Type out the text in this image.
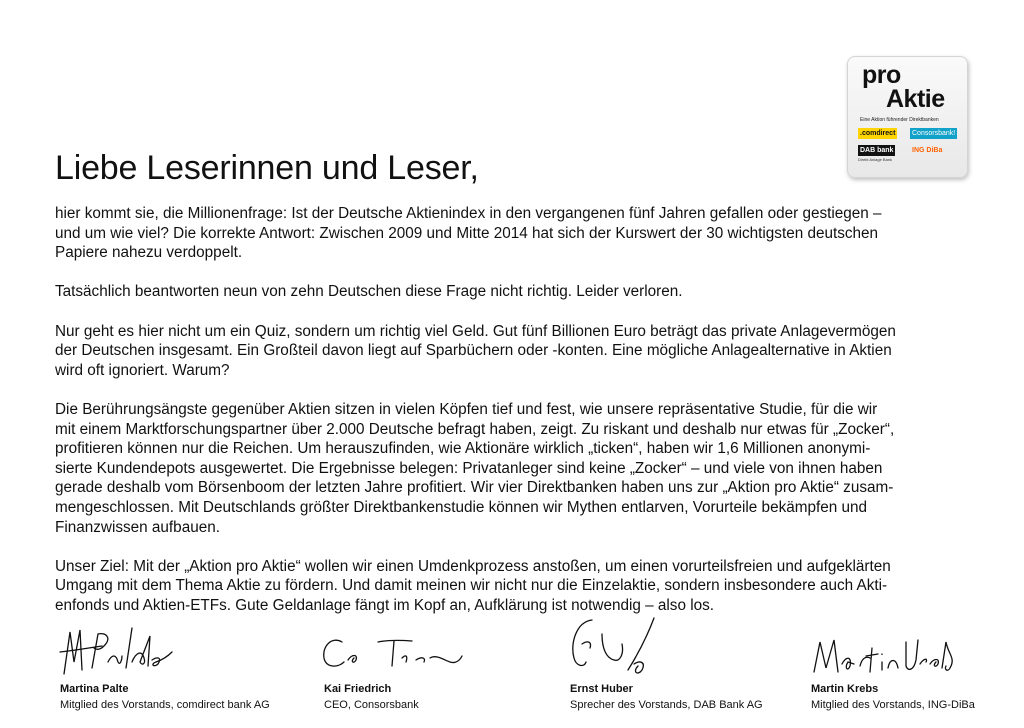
pro
Aktie
Eine Aktion führender Direktbanken
.comdirect Consorsbank!
DAB bank
Direkt Anlage Bank
ING DiBa
Liebe Leserinnen und Leser,
hier kommt sie, die Millionenfrage: Ist der Deutsche Aktienindex in den vergangenen fünf Jahren gefallen oder gestiegen –
und um wie viel? Die korrekte Antwort: Zwischen 2009 und Mitte 2014 hat sich der Kurswert der 30 wichtigsten deutschen
Papiere nahezu verdoppelt.
Tatsächlich beantworten neun von zehn Deutschen diese Frage nicht richtig. Leider verloren.
Nur geht es hier nicht um ein Quiz, sondern um richtig viel Geld. Gut fünf Billionen Euro beträgt das private Anlagevermögen
der Deutschen insgesamt. Ein Großteil davon liegt auf Sparbüchern oder -konten. Eine mögliche Anlagealternative in Aktien
wird oft ignoriert. Warum?
Die Berührungsängste gegenüber Aktien sitzen in vielen Köpfen tief und fest, wie unsere repräsentative Studie, für die wir
mit einem Marktforschungspartner über 2.000 Deutsche befragt haben, zeigt. Zu riskant und deshalb nur etwas für „Zocker“,
profitieren können nur die Reichen. Um herauszufinden, wie Aktionäre wirklich „ticken“, haben wir 1,6 Millionen anonymi-
sierte Kundendepots ausgewertet. Die Ergebnisse belegen: Privatanleger sind keine „Zocker“ – und viele von ihnen haben
gerade deshalb vom Börsenboom der letzten Jahre profitiert. Wir vier Direktbanken haben uns zur „Aktion pro Aktie“ zusam-
mengeschlossen. Mit Deutschlands größter Direktbankenstudie können wir Mythen entlarven, Vorurteile bekämpfen und
Finanzwissen aufbauen.
Unser Ziel: Mit der „Aktion pro Aktie“ wollen wir einen Umdenkprozess anstoßen, um einen vorurteilsfreien und aufgeklärten
Umgang mit dem Thema Aktie zu fördern. Und damit meinen wir nicht nur die Einzelaktie, sondern insbesondere auch Akti-
enfonds und Aktien-ETFs. Gute Geldanlage fängt im Kopf an, Aufklärung ist notwendig – also los.
Martina Palte
Mitglied des Vorstands, comdirect bank AG
Kai Friedrich
CEO, Consorsbank
Ernst Huber
Sprecher des Vorstands, DAB Bank AG
Martin Krebs
Mitglied des Vorstands, ING-DiBa
